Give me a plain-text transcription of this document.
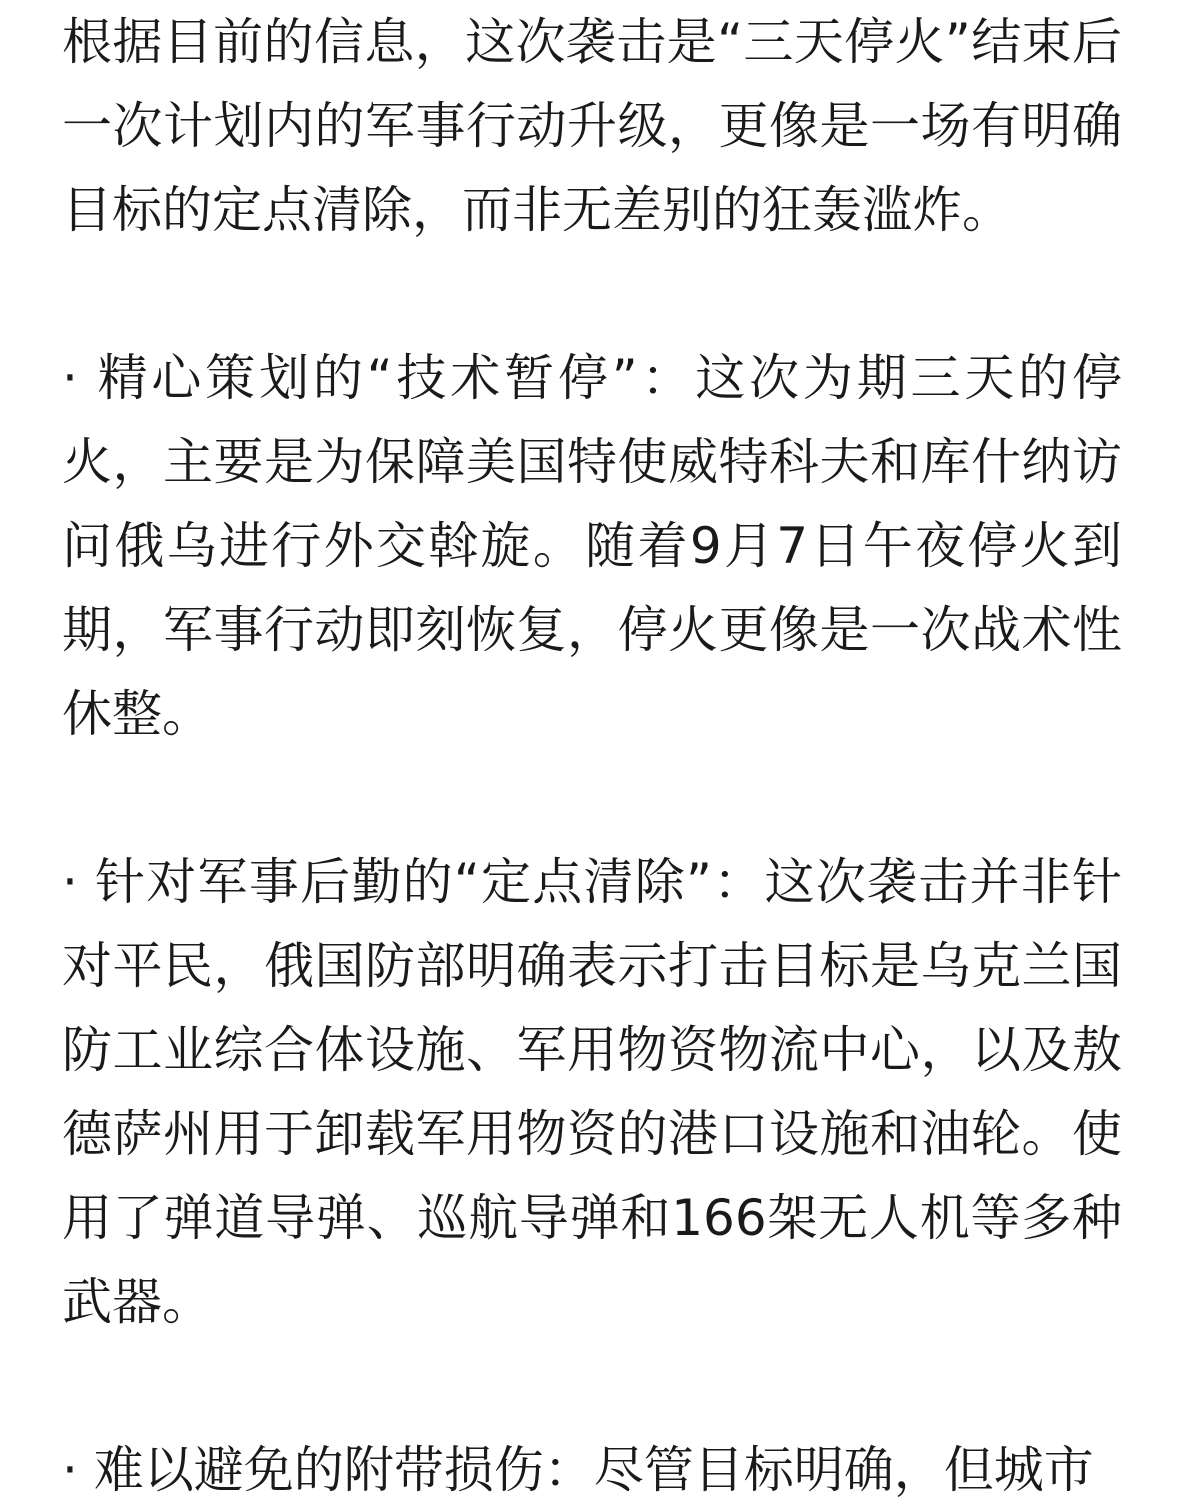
根据目前的信息，这次袭击是“三天停火”结束后一次计划内的军事行动升级，更像是一场有明确目标的定点清除，而非无差别的狂轰滥炸。

· 精心策划的“技术暂停”：这次为期三天的停火，主要是为保障美国特使威特科夫和库什纳访问俄乌进行外交斡旋。随着9月7日午夜停火到期，军事行动即刻恢复，停火更像是一次战术性休整。

· 针对军事后勤的“定点清除”：这次袭击并非针对平民，俄国防部明确表示打击目标是乌克兰国防工业综合体设施、军用物资物流中心，以及敖德萨州用于卸载军用物资的港口设施和油轮。使用了弹道导弹、巡航导弹和166架无人机等多种武器。

· 难以避免的附带损伤：尽管目标明确，但城市
